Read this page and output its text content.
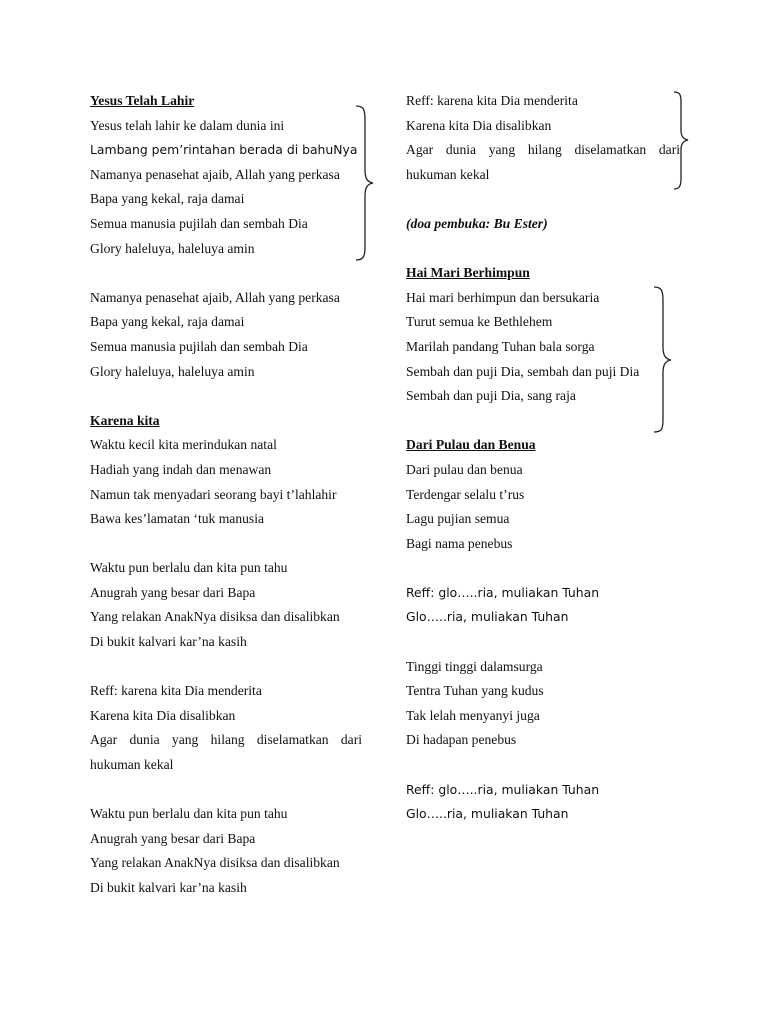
Yesus Telah Lahir
Yesus telah lahir ke dalam dunia ini
Lambang pem’rintahan berada di bahuNya
Namanya penasehat ajaib, Allah yang perkasa
Bapa yang kekal, raja damai
Semua manusia pujilah dan sembah Dia
Glory haleluya, haleluya amin
Namanya penasehat ajaib, Allah yang perkasa
Bapa yang kekal, raja damai
Semua manusia pujilah dan sembah Dia
Glory haleluya, haleluya amin
Karena kita
Waktu kecil kita merindukan natal
Hadiah yang indah dan menawan
Namun tak menyadari seorang bayi t’lahlahir
Bawa kes’lamatan ‘tuk manusia
Waktu pun berlalu dan kita pun tahu
Anugrah yang besar dari Bapa
Yang relakan AnakNya disiksa dan disalibkan
Di bukit kalvari kar’na kasih
Reff: karena kita Dia menderita
Karena kita Dia disalibkan
Agar dunia yang hilang diselamatkan dari
hukuman kekal
Waktu pun berlalu dan kita pun tahu
Anugrah yang besar dari Bapa
Yang relakan AnakNya disiksa dan disalibkan
Di bukit kalvari kar’na kasih
Reff: karena kita Dia menderita
Karena kita Dia disalibkan
Agar dunia yang hilang diselamatkan dari
hukuman kekal
(doa pembuka: Bu Ester)
Hai Mari Berhimpun
Hai mari berhimpun dan bersukaria
Turut semua ke Bethlehem
Marilah pandang Tuhan bala sorga
Sembah dan puji Dia, sembah dan puji Dia
Sembah dan puji Dia, sang raja
Dari Pulau dan Benua
Dari pulau dan benua
Terdengar selalu t’rus
Lagu pujian semua
Bagi nama penebus
Reff: glo…..ria, muliakan Tuhan
Glo…..ria, muliakan Tuhan
Tinggi tinggi dalamsurga
Tentra Tuhan yang kudus
Tak lelah menyanyi juga
Di hadapan penebus
Reff: glo…..ria, muliakan Tuhan
Glo…..ria, muliakan Tuhan
